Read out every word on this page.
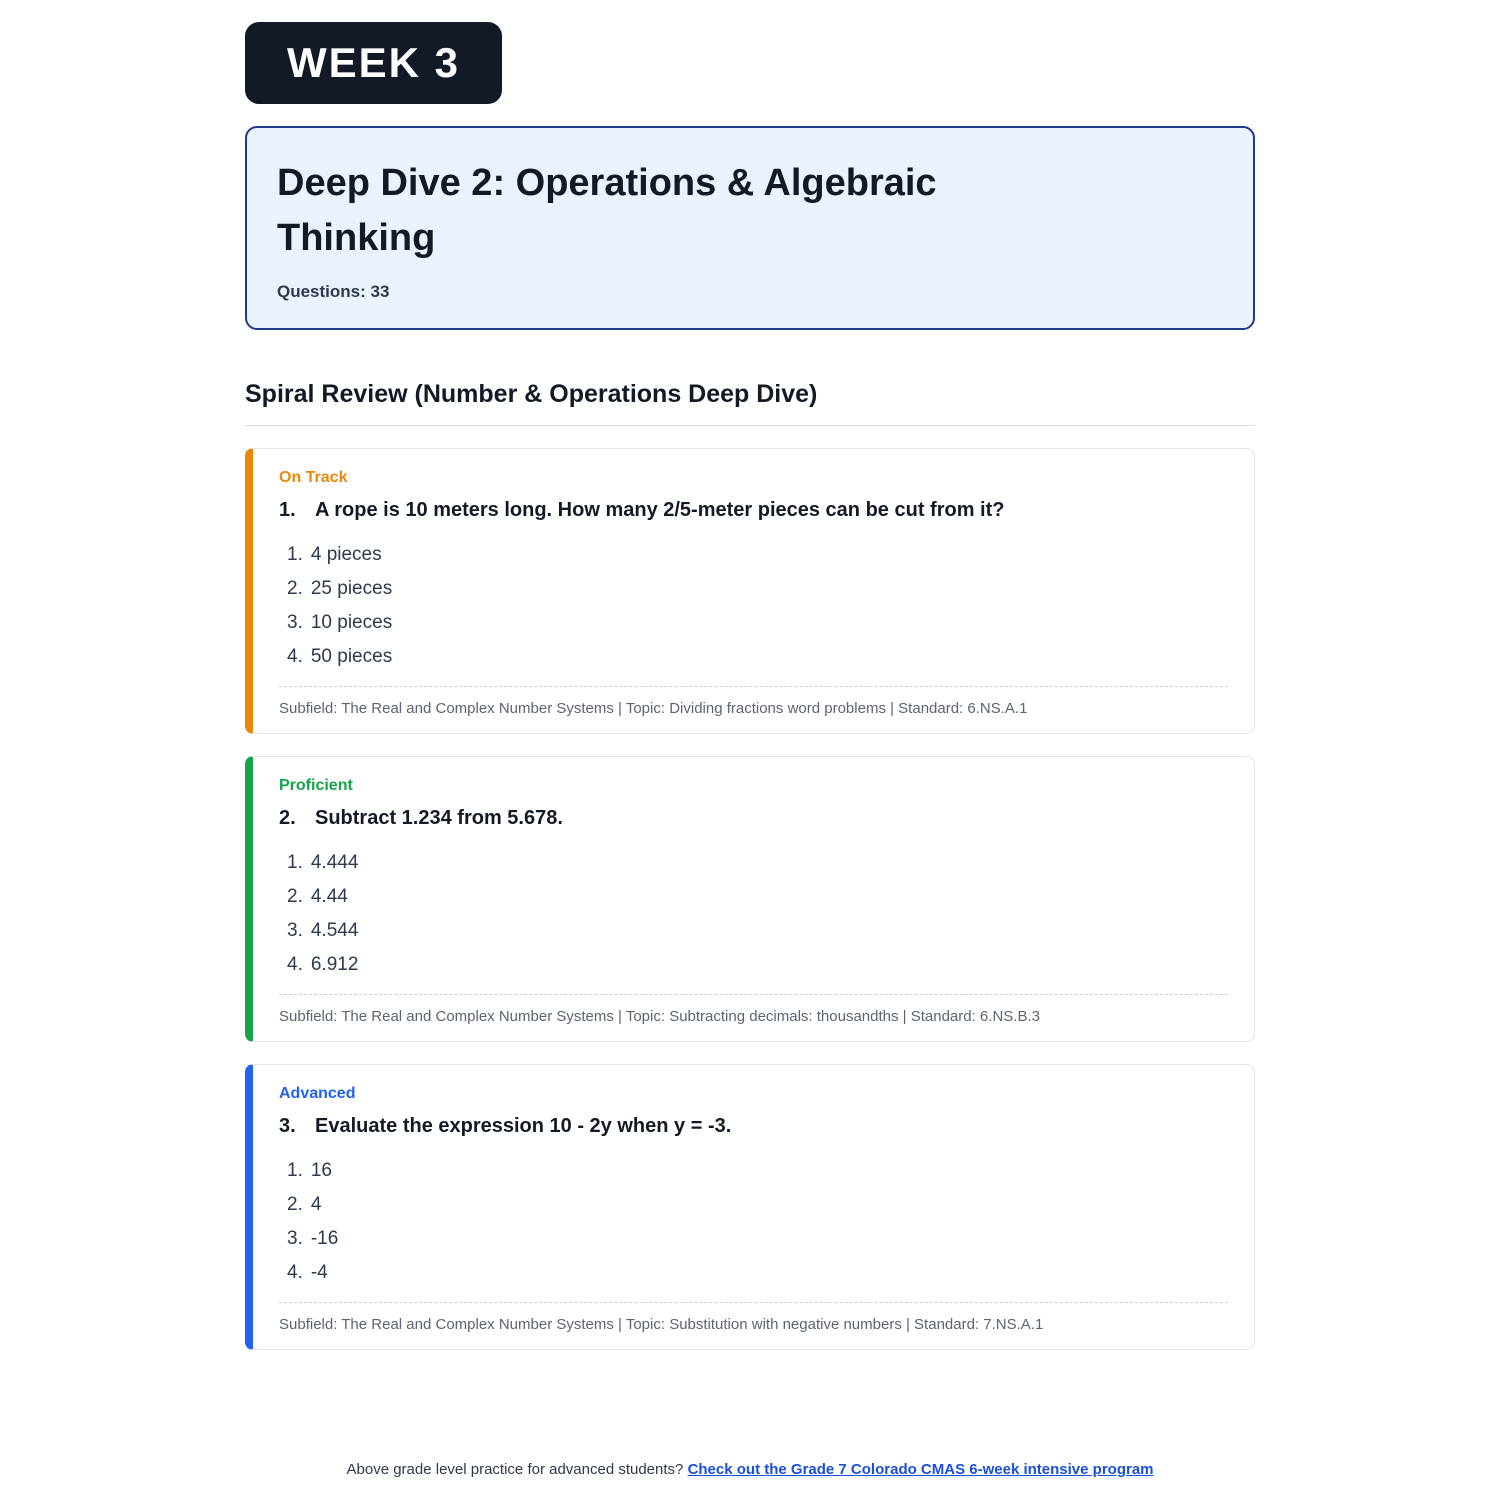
WEEK 3
Deep Dive 2: Operations & Algebraic Thinking
Questions: 33
Spiral Review (Number & Operations Deep Dive)
On Track
1. A rope is 10 meters long. How many 2/5-meter pieces can be cut from it?
1. 4 pieces
2. 25 pieces
3. 10 pieces
4. 50 pieces
Subfield: The Real and Complex Number Systems | Topic: Dividing fractions word problems | Standard: 6.NS.A.1
Proficient
2. Subtract 1.234 from 5.678.
1. 4.444
2. 4.44
3. 4.544
4. 6.912
Subfield: The Real and Complex Number Systems | Topic: Subtracting decimals: thousandths | Standard: 6.NS.B.3
Advanced
3. Evaluate the expression 10 - 2y when y = -3.
1. 16
2. 4
3. -16
4. -4
Subfield: The Real and Complex Number Systems | Topic: Substitution with negative numbers | Standard: 7.NS.A.1
Above grade level practice for advanced students? Check out the Grade 7 Colorado CMAS 6-week intensive program
